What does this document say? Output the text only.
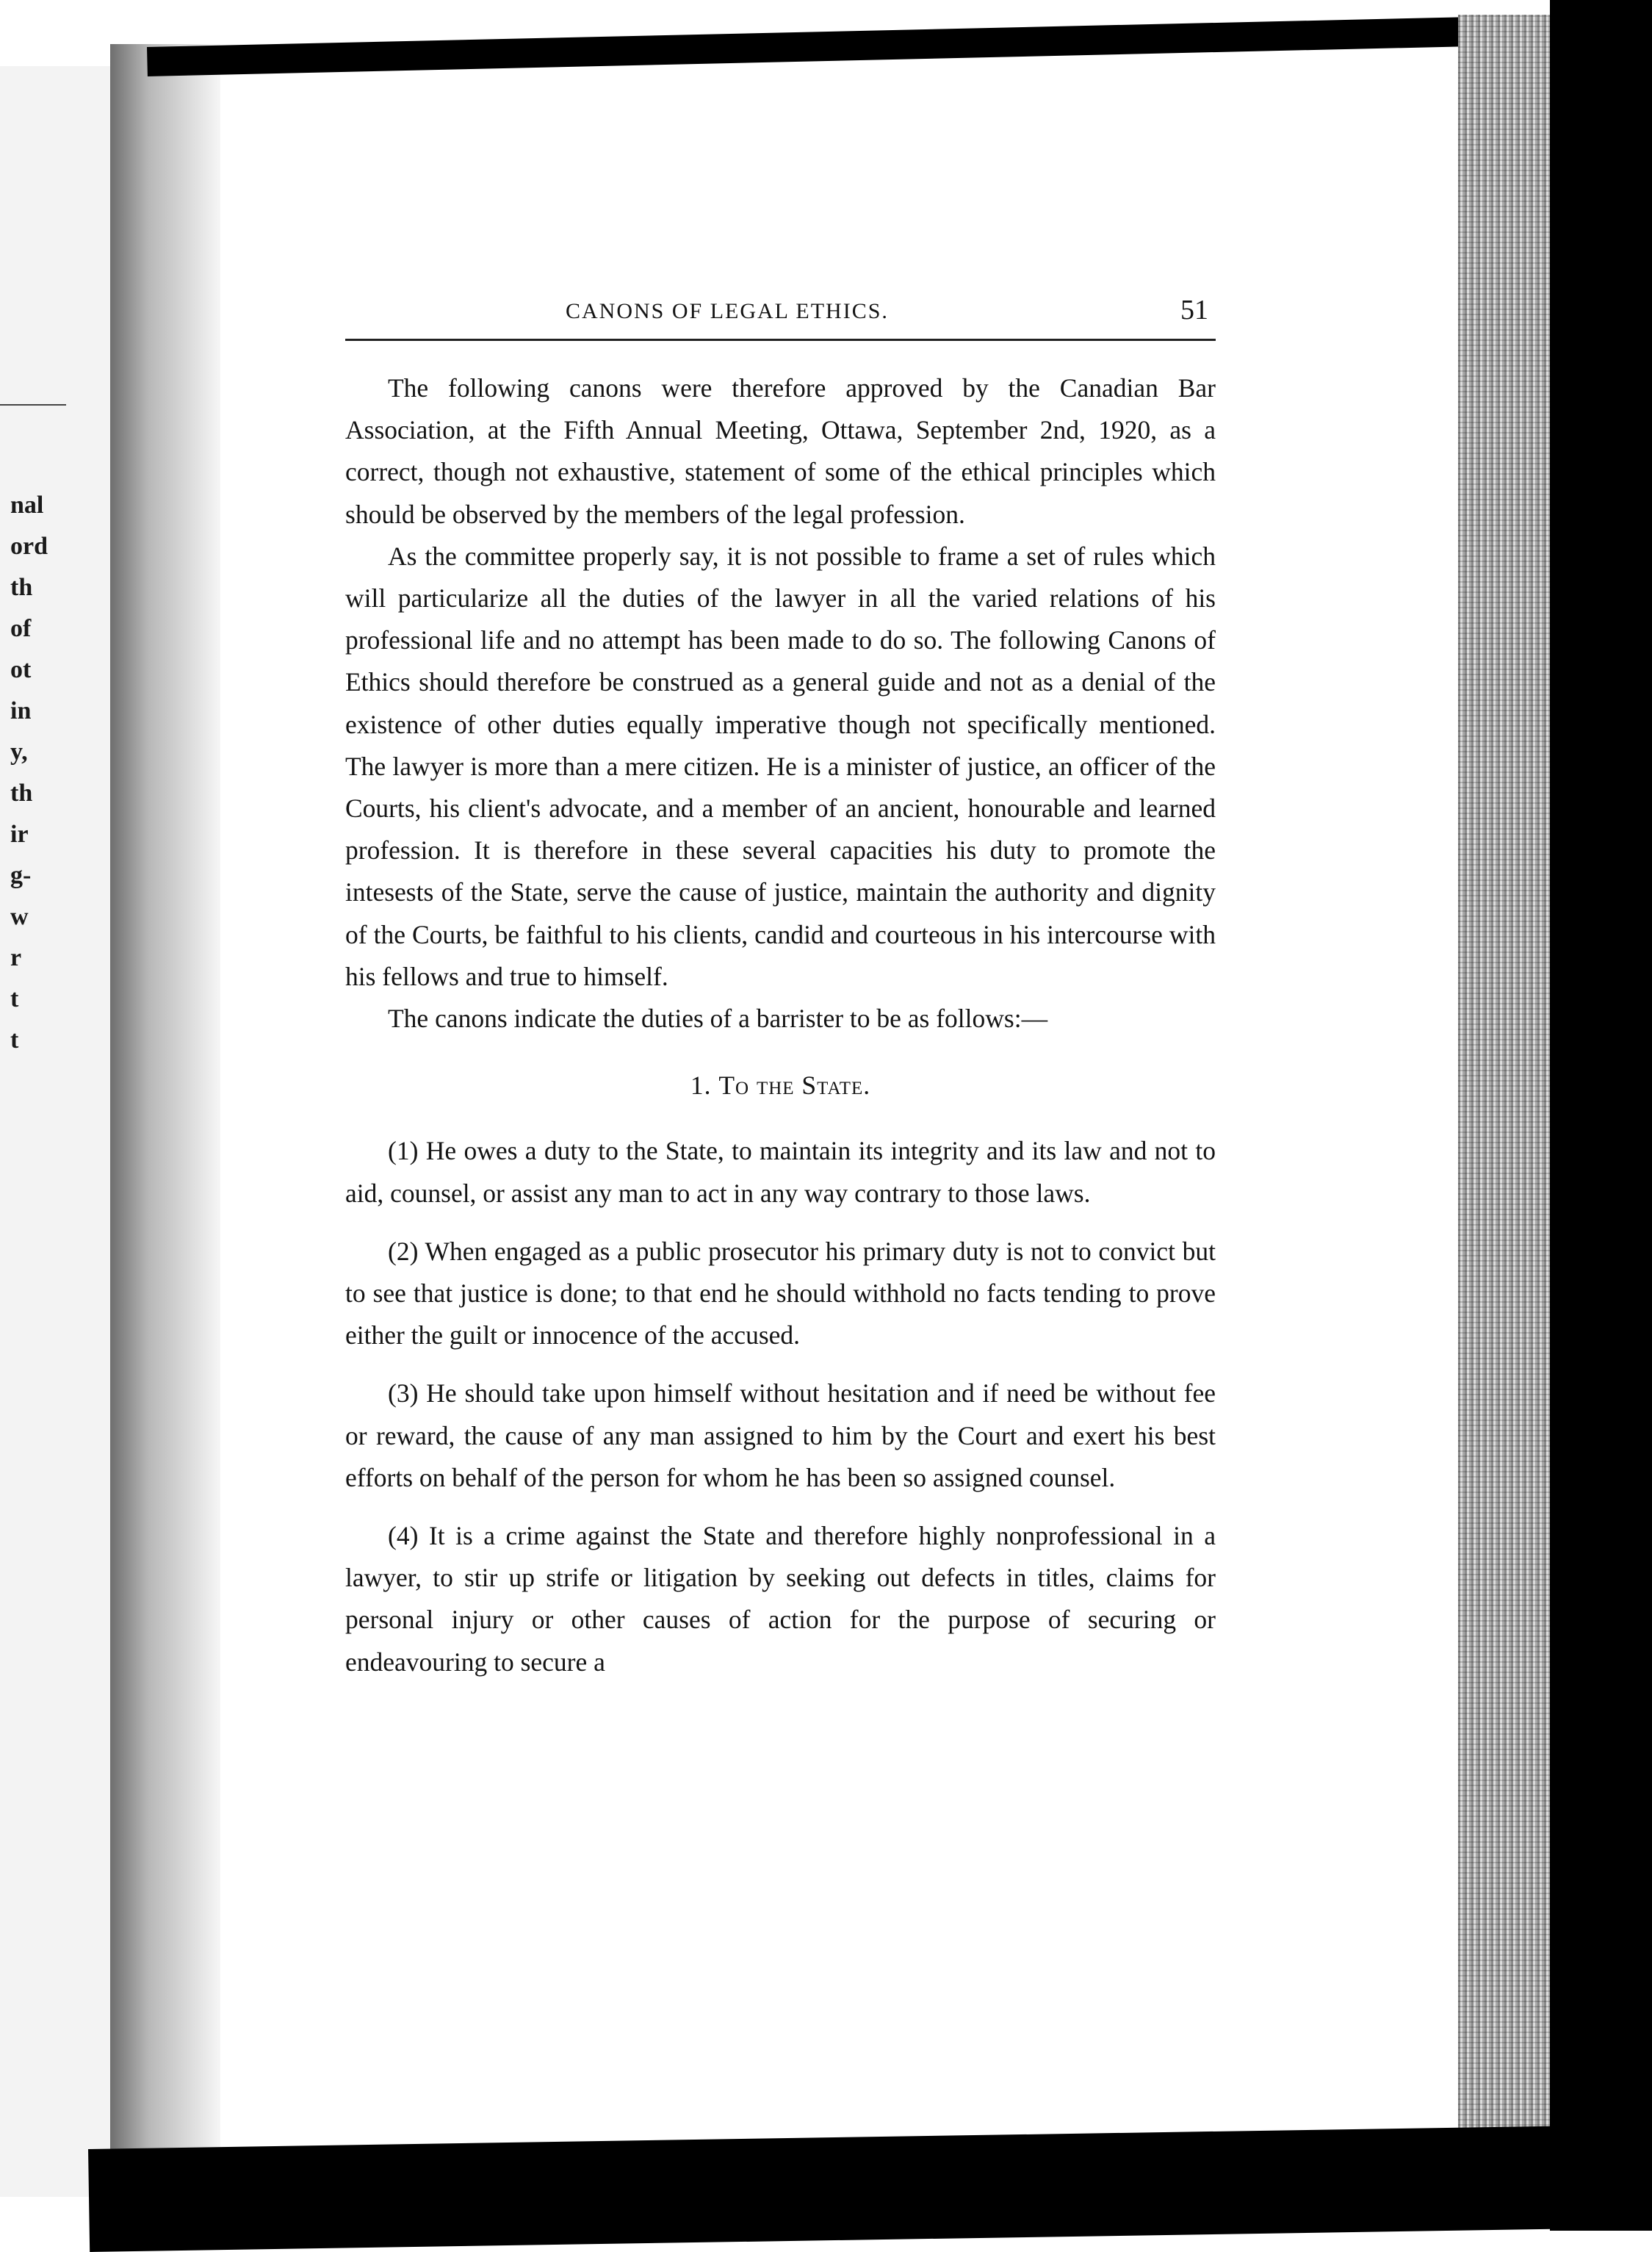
nal
ord
th
of
ot
in
y,
th
ir
g-
w
r
t
t
CANONS OF LEGAL ETHICS.	51

The following canons were therefore approved by the Canadian Bar Association, at the Fifth Annual Meeting, Ottawa, September 2nd, 1920, as a correct, though not exhaustive, statement of some of the ethical principles which should be observed by the members of the legal profession.

As the committee properly say, it is not possible to frame a set of rules which will particularize all the duties of the lawyer in all the varied relations of his professional life and no attempt has been made to do so. The following Canons of Ethics should therefore be construed as a general guide and not as a denial of the existence of other duties equally imperative though not specifically mentioned. The lawyer is more than a mere citizen. He is a minister of justice, an officer of the Courts, his client's advocate, and a member of an ancient, honourable and learned profession. It is therefore in these several capacities his duty to promote the intesests of the State, serve the cause of justice, maintain the authority and dignity of the Courts, be faithful to his clients, candid and courteous in his intercourse with his fellows and true to himself.

The canons indicate the duties of a barrister to be as follows:—

1. To the State.

(1) He owes a duty to the State, to maintain its integrity and its law and not to aid, counsel, or assist any man to act in any way contrary to those laws.

(2) When engaged as a public prosecutor his primary duty is not to convict but to see that justice is done; to that end he should withhold no facts tending to prove either the guilt or innocence of the accused.

(3) He should take upon himself without hesitation and if need be without fee or reward, the cause of any man assigned to him by the Court and exert his best efforts on behalf of the person for whom he has been so assigned counsel.

(4) It is a crime against the State and therefore highly nonprofessional in a lawyer, to stir up strife or litigation by seeking out defects in titles, claims for personal injury or other causes of action for the purpose of securing or endeavouring to secure a
